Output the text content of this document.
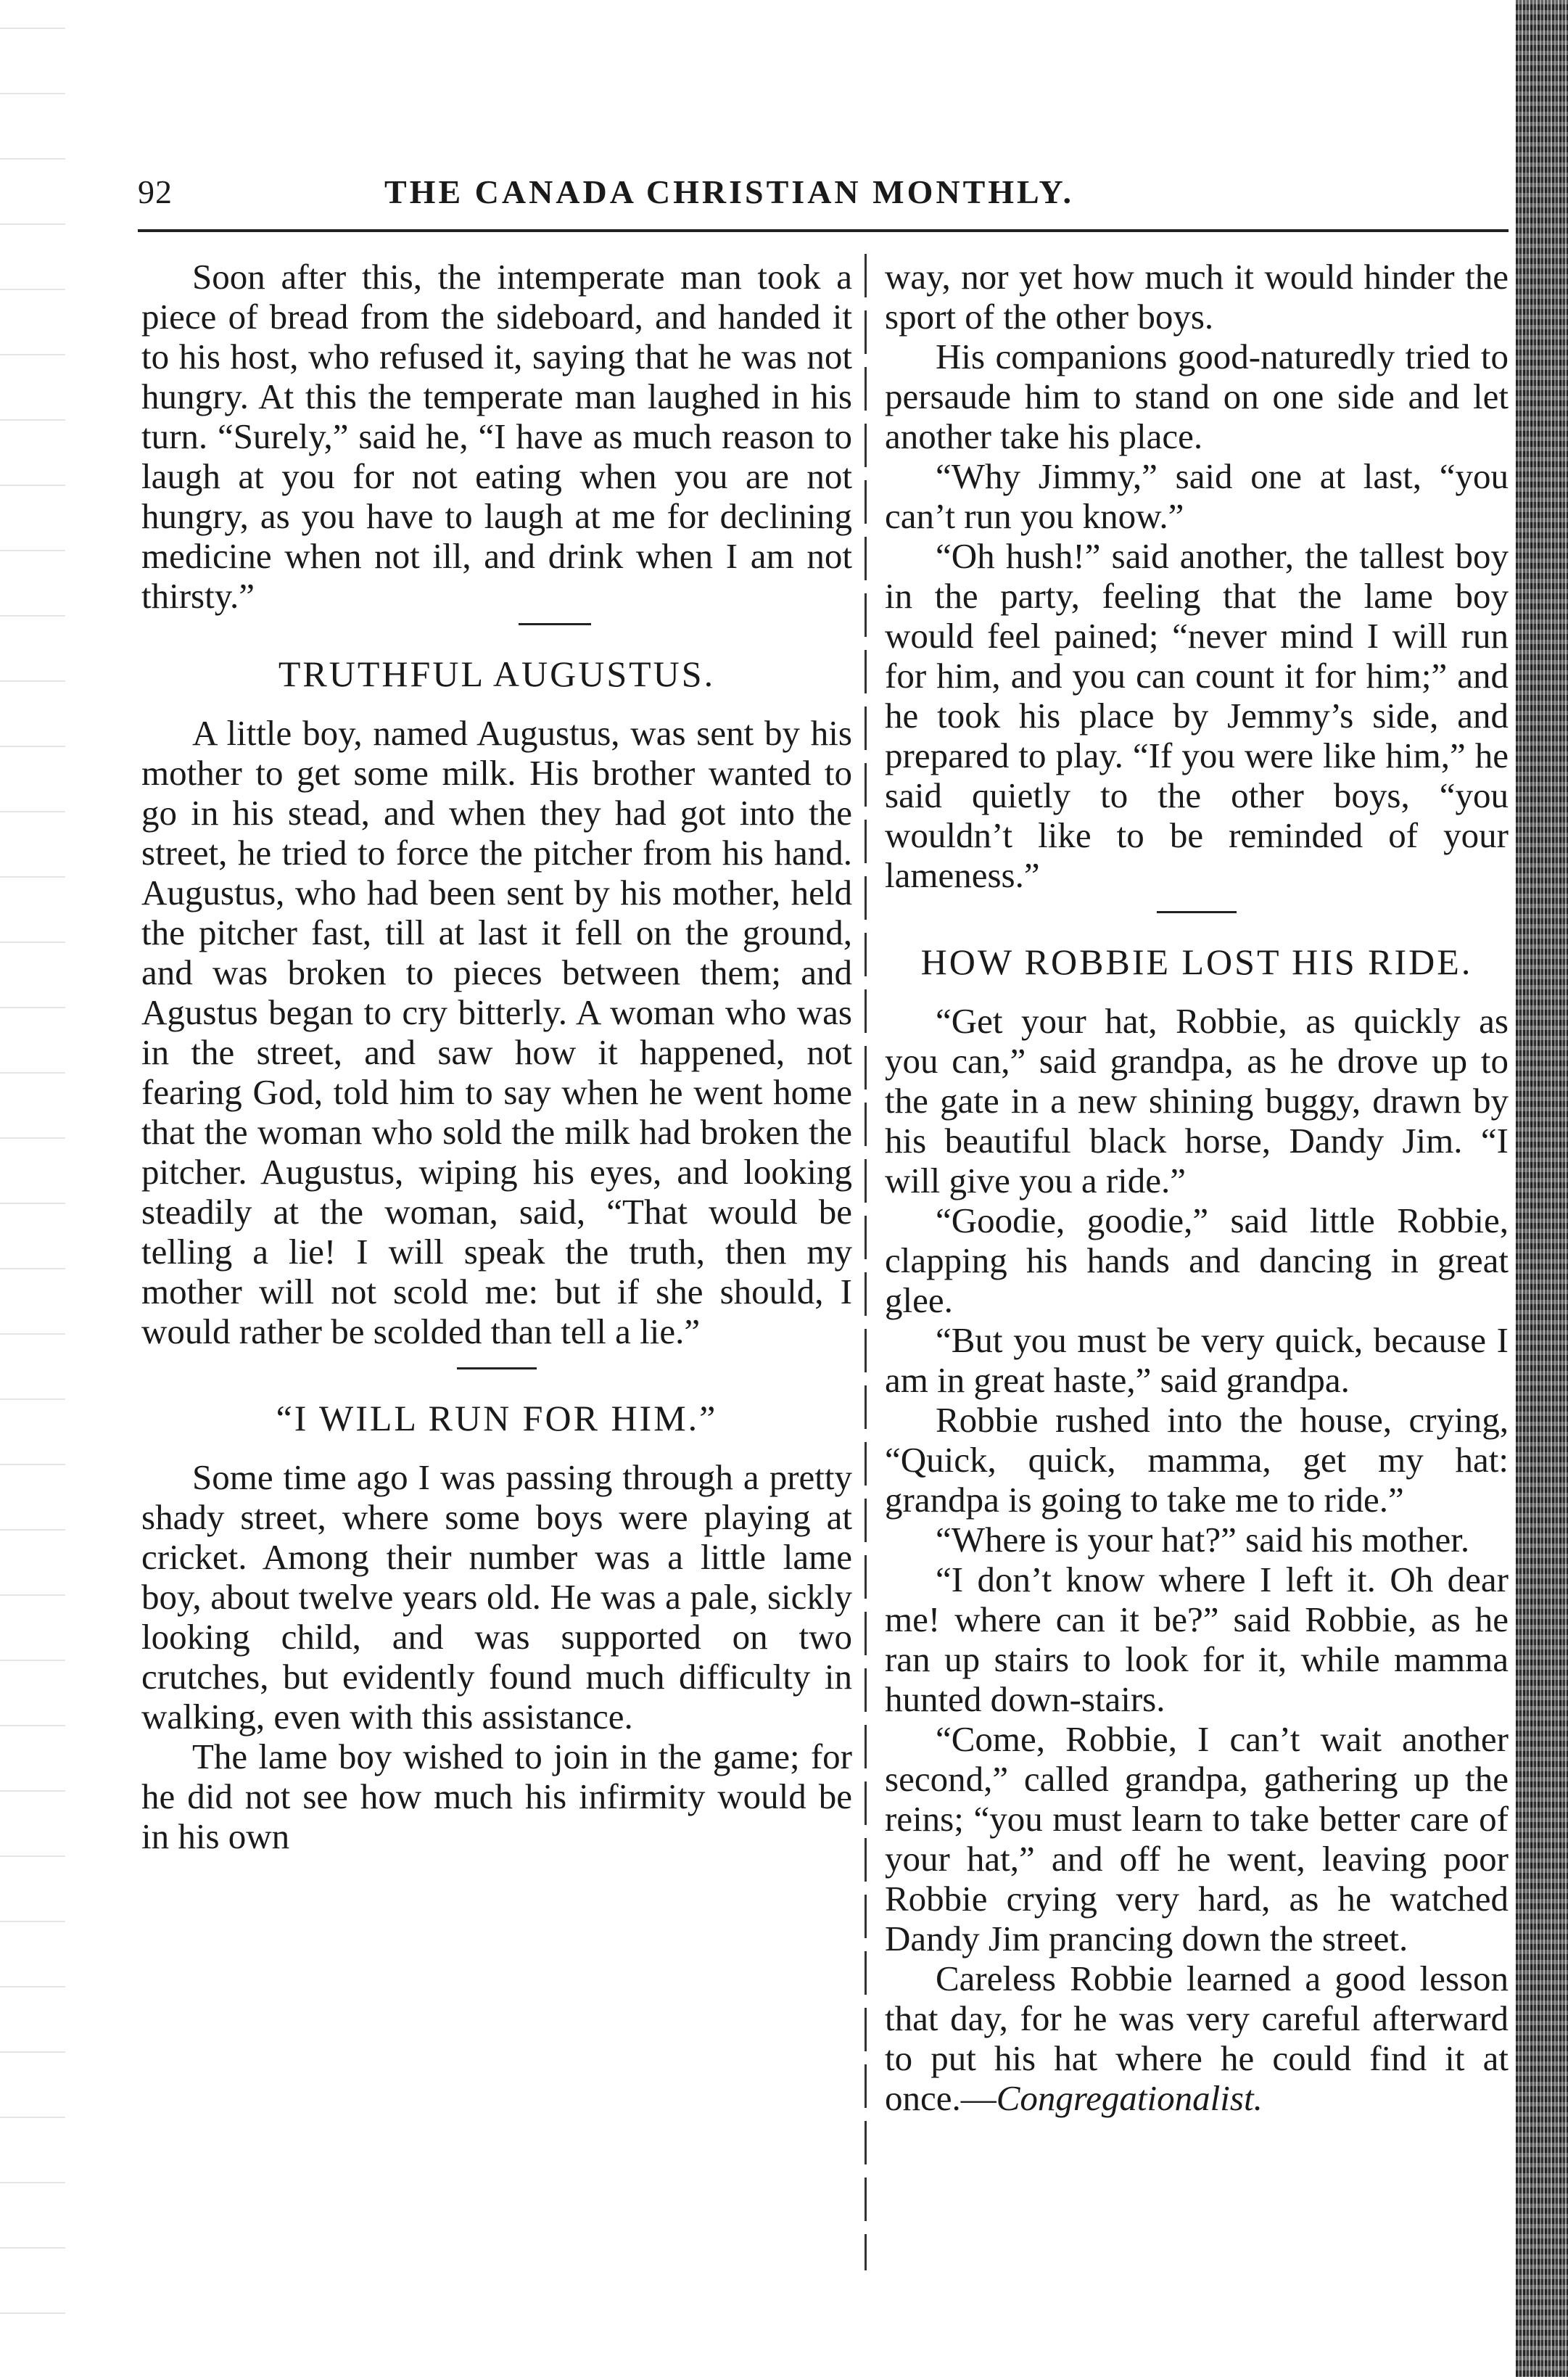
92	THE CANADA CHRISTIAN MONTHLY.

Soon after this, the intemperate man took a piece of bread from the sideboard, and handed it to his host, who refused it, saying that he was not hungry. At this the temperate man laughed in his turn. “Surely,” said he, “I have as much reason to laugh at you for not eating when you are not hungry, as you have to laugh at me for declining medicine when not ill, and drink when I am not thirsty.”

TRUTHFUL AUGUSTUS.

A little boy, named Augustus, was sent by his mother to get some milk. His brother wanted to go in his stead, and when they had got into the street, he tried to force the pitcher from his hand. Augustus, who had been sent by his mother, held the pitcher fast, till at last it fell on the ground, and was broken to pieces between them; and Agustus began to cry bitterly. A woman who was in the street, and saw how it happened, not fearing God, told him to say when he went home that the woman who sold the milk had broken the pitcher. Augustus, wiping his eyes, and looking steadily at the woman, said, “That would be telling a lie! I will speak the truth, then my mother will not scold me: but if she should, I would rather be scolded than tell a lie.”

“I WILL RUN FOR HIM.”

Some time ago I was passing through a pretty shady street, where some boys were playing at cricket. Among their number was a little lame boy, about twelve years old. He was a pale, sickly looking child, and was supported on two crutches, but evidently found much difficulty in walking, even with this assistance.

The lame boy wished to join in the game; for he did not see how much his infirmity would be in his own

way, nor yet how much it would hinder the sport of the other boys.

His companions good-naturedly tried to persaude him to stand on one side and let another take his place.

“Why Jimmy,” said one at last, “you can’t run you know.”

“Oh hush!” said another, the tallest boy in the party, feeling that the lame boy would feel pained; “never mind I will run for him, and you can count it for him;” and he took his place by Jemmy’s side, and prepared to play. “If you were like him,” he said quietly to the other boys, “you wouldn’t like to be reminded of your lameness.”

HOW ROBBIE LOST HIS RIDE.

“Get your hat, Robbie, as quickly as you can,” said grandpa, as he drove up to the gate in a new shining buggy, drawn by his beautiful black horse, Dandy Jim. “I will give you a ride.”

“Goodie, goodie,” said little Robbie, clapping his hands and dancing in great glee.

“But you must be very quick, because I am in great haste,” said grandpa.

Robbie rushed into the house, crying, “Quick, quick, mamma, get my hat: grandpa is going to take me to ride.”

“Where is your hat?” said his mother.

“I don’t know where I left it. Oh dear me! where can it be?” said Robbie, as he ran up stairs to look for it, while mamma hunted down-stairs.

“Come, Robbie, I can’t wait another second,” called grandpa, gathering up the reins; “you must learn to take better care of your hat,” and off he went, leaving poor Robbie crying very hard, as he watched Dandy Jim prancing down the street.

Careless Robbie learned a good lesson that day, for he was very careful afterward to put his hat where he could find it at once.—Congregationalist.
